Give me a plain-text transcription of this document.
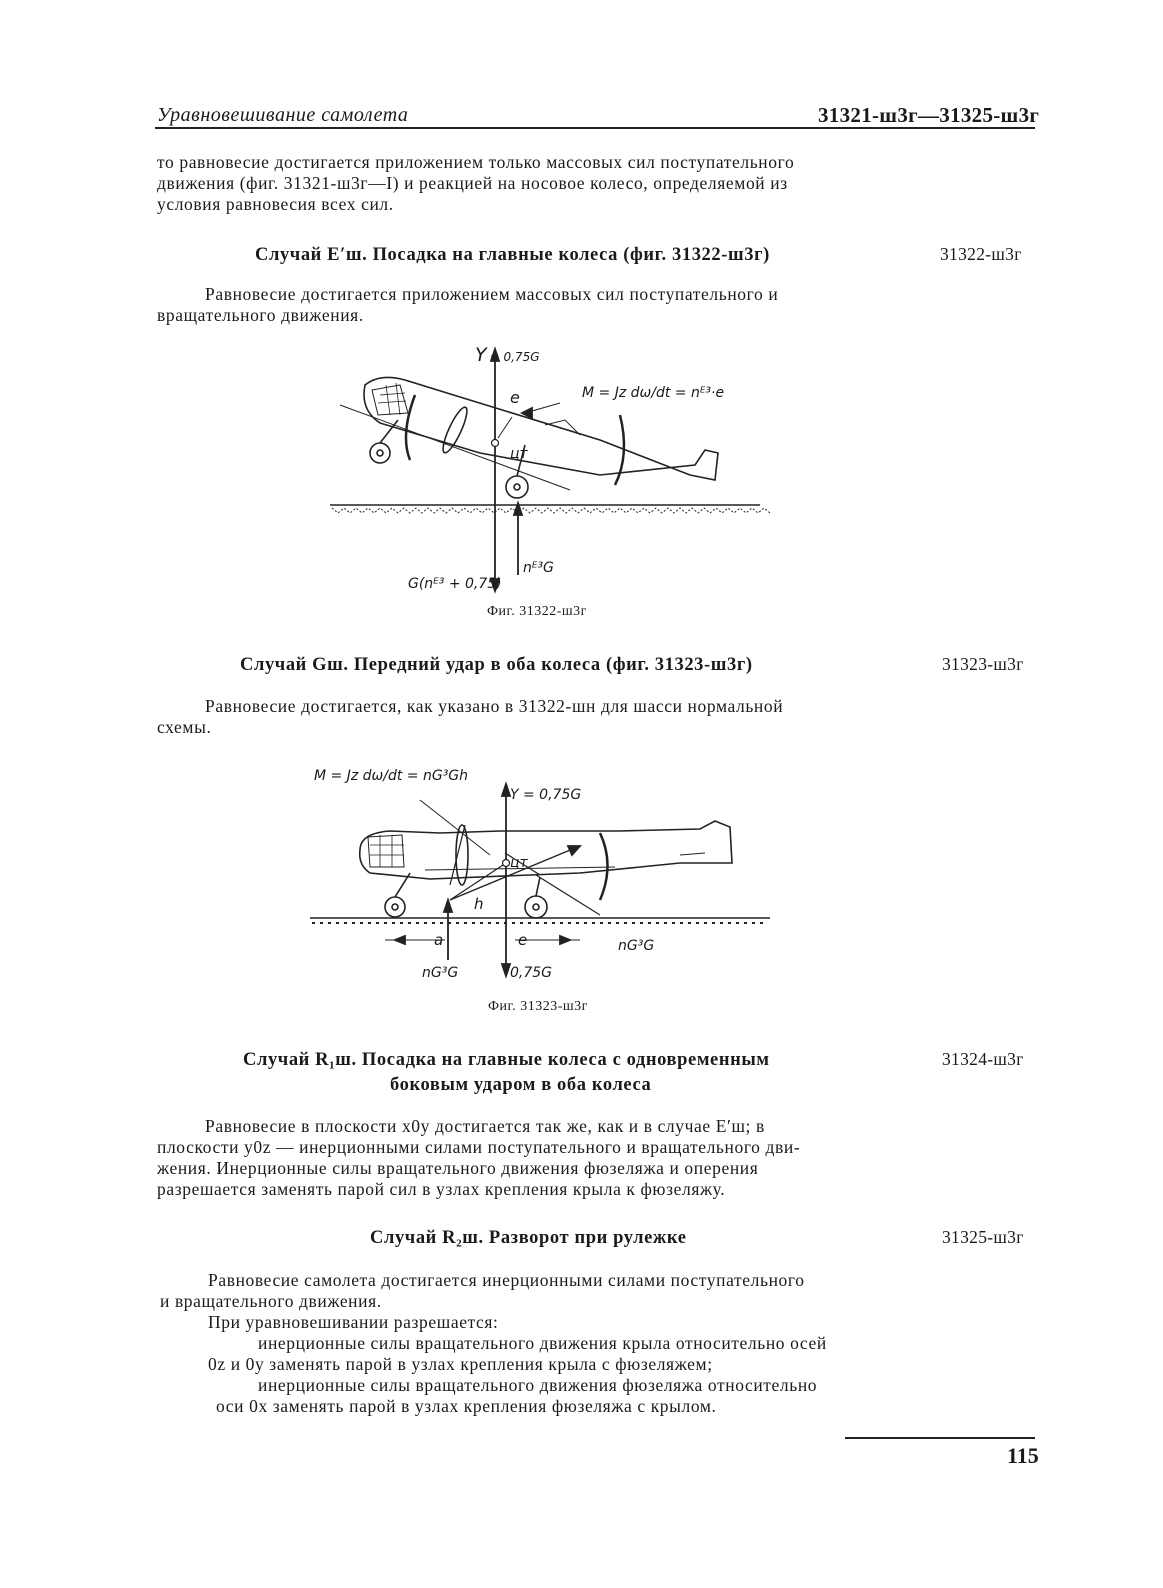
Уравновешивание самолета	31321-ш3г—31325-ш3г
то равновесие достигается приложением только массовых сил поступательного
движения (фиг. 31321-ш3г—I) и реакцией на носовое колесо, определяемой из
условия равновесия всех сил.
Случай E′ш. Посадка на главные колеса (фиг. 31322-ш3г)	31322-ш3г
Равновесие достигается приложением массовых сил поступательного и
вращательного движения.
Y = 0,75G
e	M = Jz dω/dt = nᴱ³·e
цт
G(nᴱ³ + 0,75)
nᴱ³G
Фиг. 31322-ш3г
Случай Gш. Передний удар в оба колеса (фиг. 31323-ш3г)	31323-ш3г
Равновесие достигается, как указано в 31322-шн для шасси нормальной
схемы.
M = Jz dω/dt = nG³Gh
Y = 0,75G
цт
h
a	e
nG³G
nG³G
0,75G
Фиг. 31323-ш3г
Случай R₁ш. Посадка на главные колеса с одновременным
боковым ударом в оба колеса
31324-ш3г
Равновесие в плоскости x0y достигается так же, как и в случае E′ш; в
плоскости y0z — инерционными силами поступательного и вращательного дви-
жения. Инерционные силы вращательного движения фюзеляжа и оперения
разрешается заменять парой сил в узлах крепления крыла к фюзеляжу.
Случай R₂ш. Разворот при рулежке	31325-ш3г
Равновесие самолета достигается инерционными силами поступательного
и вращательного движения.
При уравновешивании разрешается:
инерционные силы вращательного движения крыла относительно осей
0z и 0y заменять парой в узлах крепления крыла с фюзеляжем;
инерционные силы вращательного движения фюзеляжа относительно
оси 0x заменять парой в узлах крепления фюзеляжа с крылом.
115
